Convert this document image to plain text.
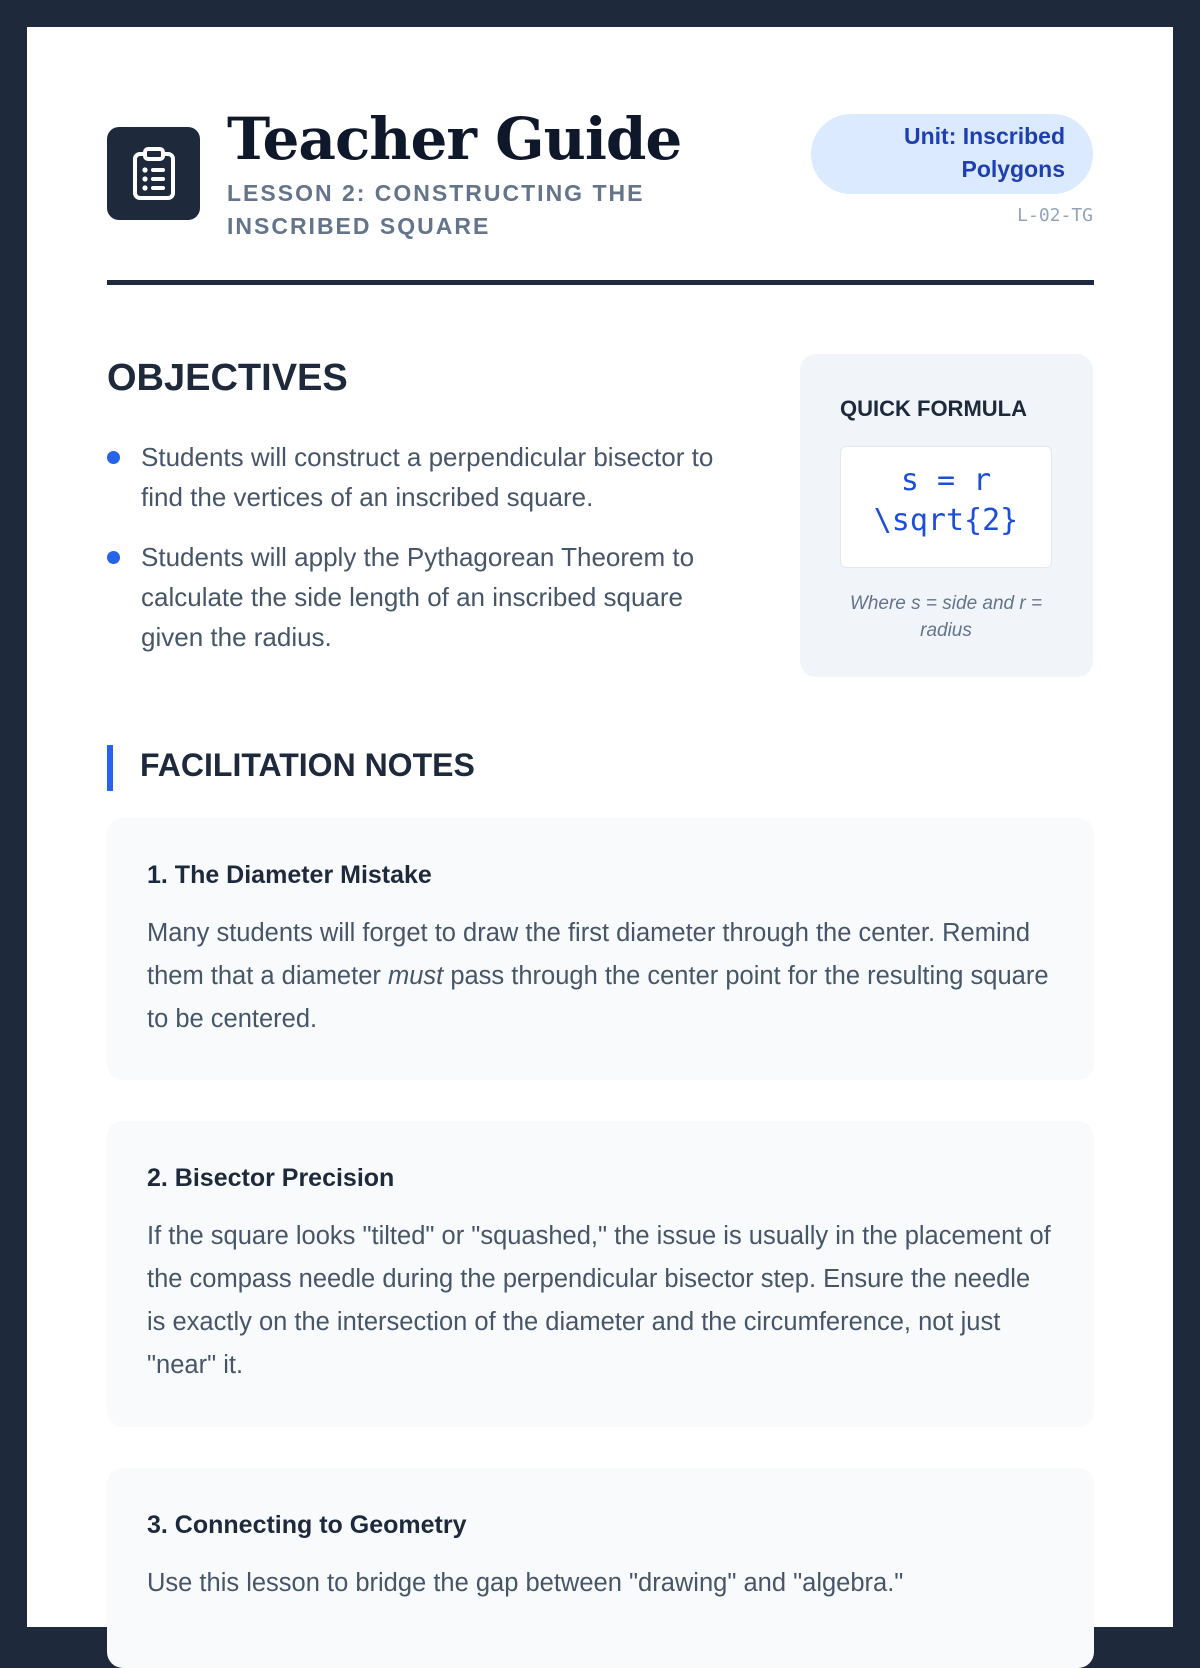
Teacher Guide
LESSON 2: CONSTRUCTING THE INSCRIBED SQUARE
Unit: Inscribed Polygons
L-02-TG
OBJECTIVES
Students will construct a perpendicular bisector to find the vertices of an inscribed square.
Students will apply the Pythagorean Theorem to calculate the side length of an inscribed square given the radius.
QUICK FORMULA
s = r
\sqrt{2}
Where s = side and r = radius
FACILITATION NOTES
1. The Diameter Mistake

Many students will forget to draw the first diameter through the center. Remind them that a diameter must pass through the center point for the resulting square to be centered.

2. Bisector Precision

If the square looks "tilted" or "squashed," the issue is usually in the placement of the compass needle during the perpendicular bisector step. Ensure the needle is exactly on the intersection of the diameter and the circumference, not just "near" it.

3. Connecting to Geometry

Use this lesson to bridge the gap between "drawing" and "algebra."
